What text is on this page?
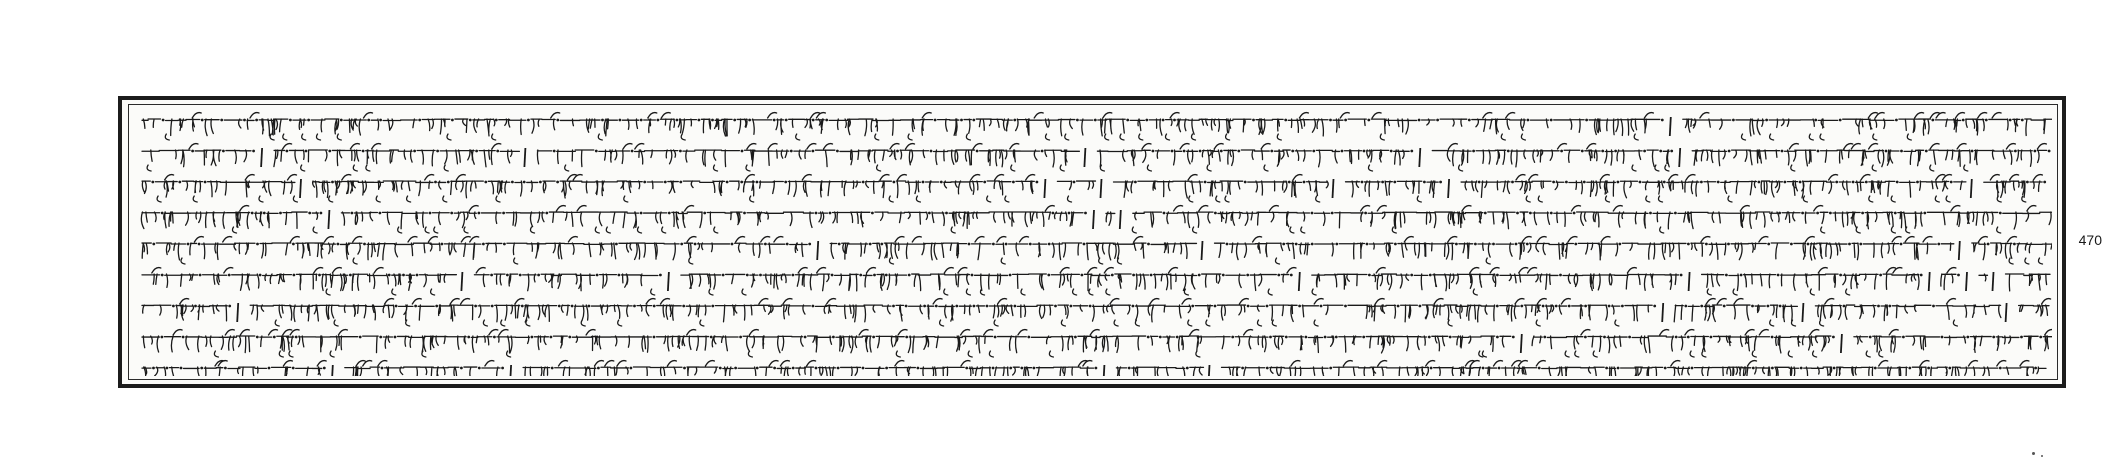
470
